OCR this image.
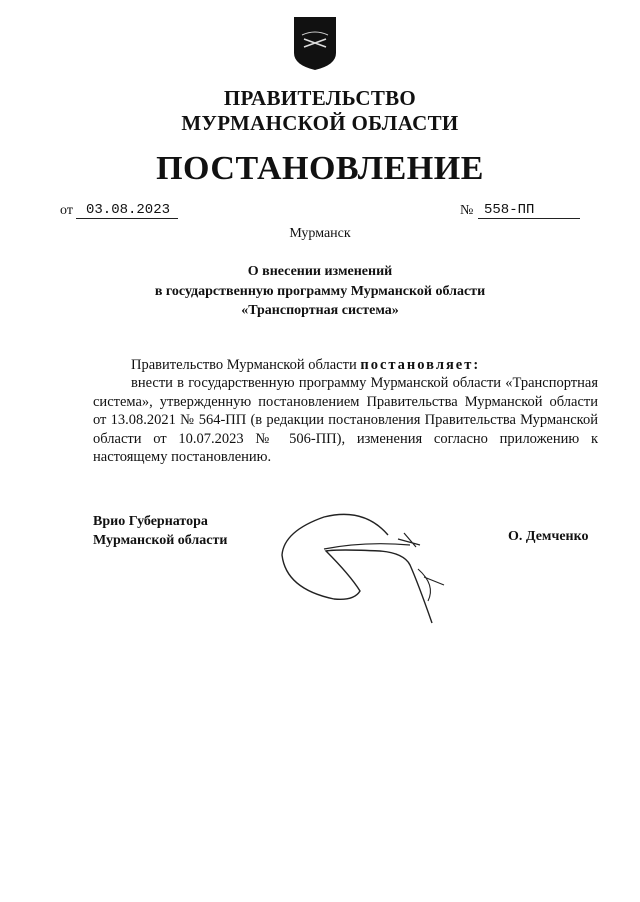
ПРАВИТЕЛЬСТВО
МУРМАНСКОЙ ОБЛАСТИ
ПОСТАНОВЛЕНИЕ
от 03.08.2023	№ 558-ПП
Мурманск
О внесении изменений
в государственную программу Мурманской области
«Транспортная система»
Правительство Мурманской области постановляет:
внести в государственную программу Мурманской области «Транспортная система», утвержденную постановлением Правительства Мурманской области от 13.08.2021 № 564-ПП (в редакции постановления Правительства Мурманской области от 10.07.2023 № 506-ПП), изменения согласно приложению к настоящему постановлению.
Врио Губернатора
Мурманской области	О. Демченко
